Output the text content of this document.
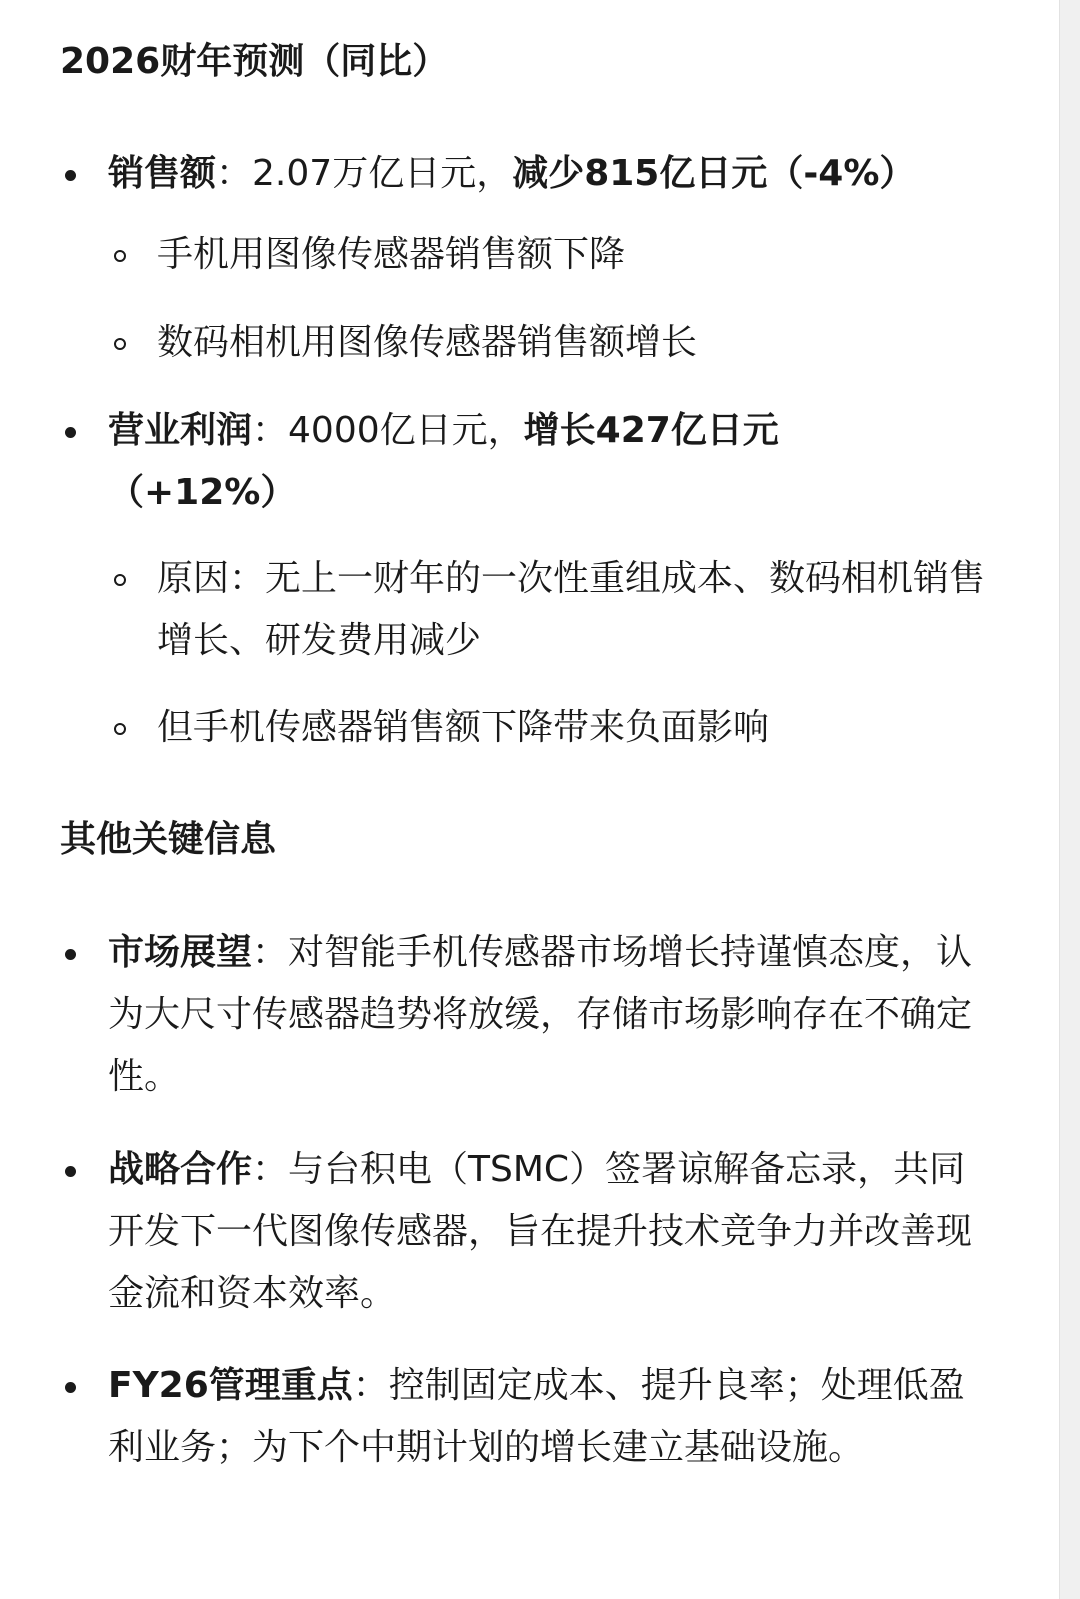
2026财年预测（同比）
销售额：2.07万亿日元，减少815亿日元（-4%）
手机用图像传感器销售额下降
数码相机用图像传感器销售额增长
营业利润：4000亿日元，增长427亿日元（+12%）
原因：无上一财年的一次性重组成本、数码相机销售增长、研发费用减少
但手机传感器销售额下降带来负面影响
其他关键信息
市场展望：对智能手机传感器市场增长持谨慎态度，认为大尺寸传感器趋势将放缓，存储市场影响存在不确定性。
战略合作：与台积电（TSMC）签署谅解备忘录，共同开发下一代图像传感器，旨在提升技术竞争力并改善现金流和资本效率。
FY26管理重点：控制固定成本、提升良率；处理低盈利业务；为下个中期计划的增长建立基础设施。
